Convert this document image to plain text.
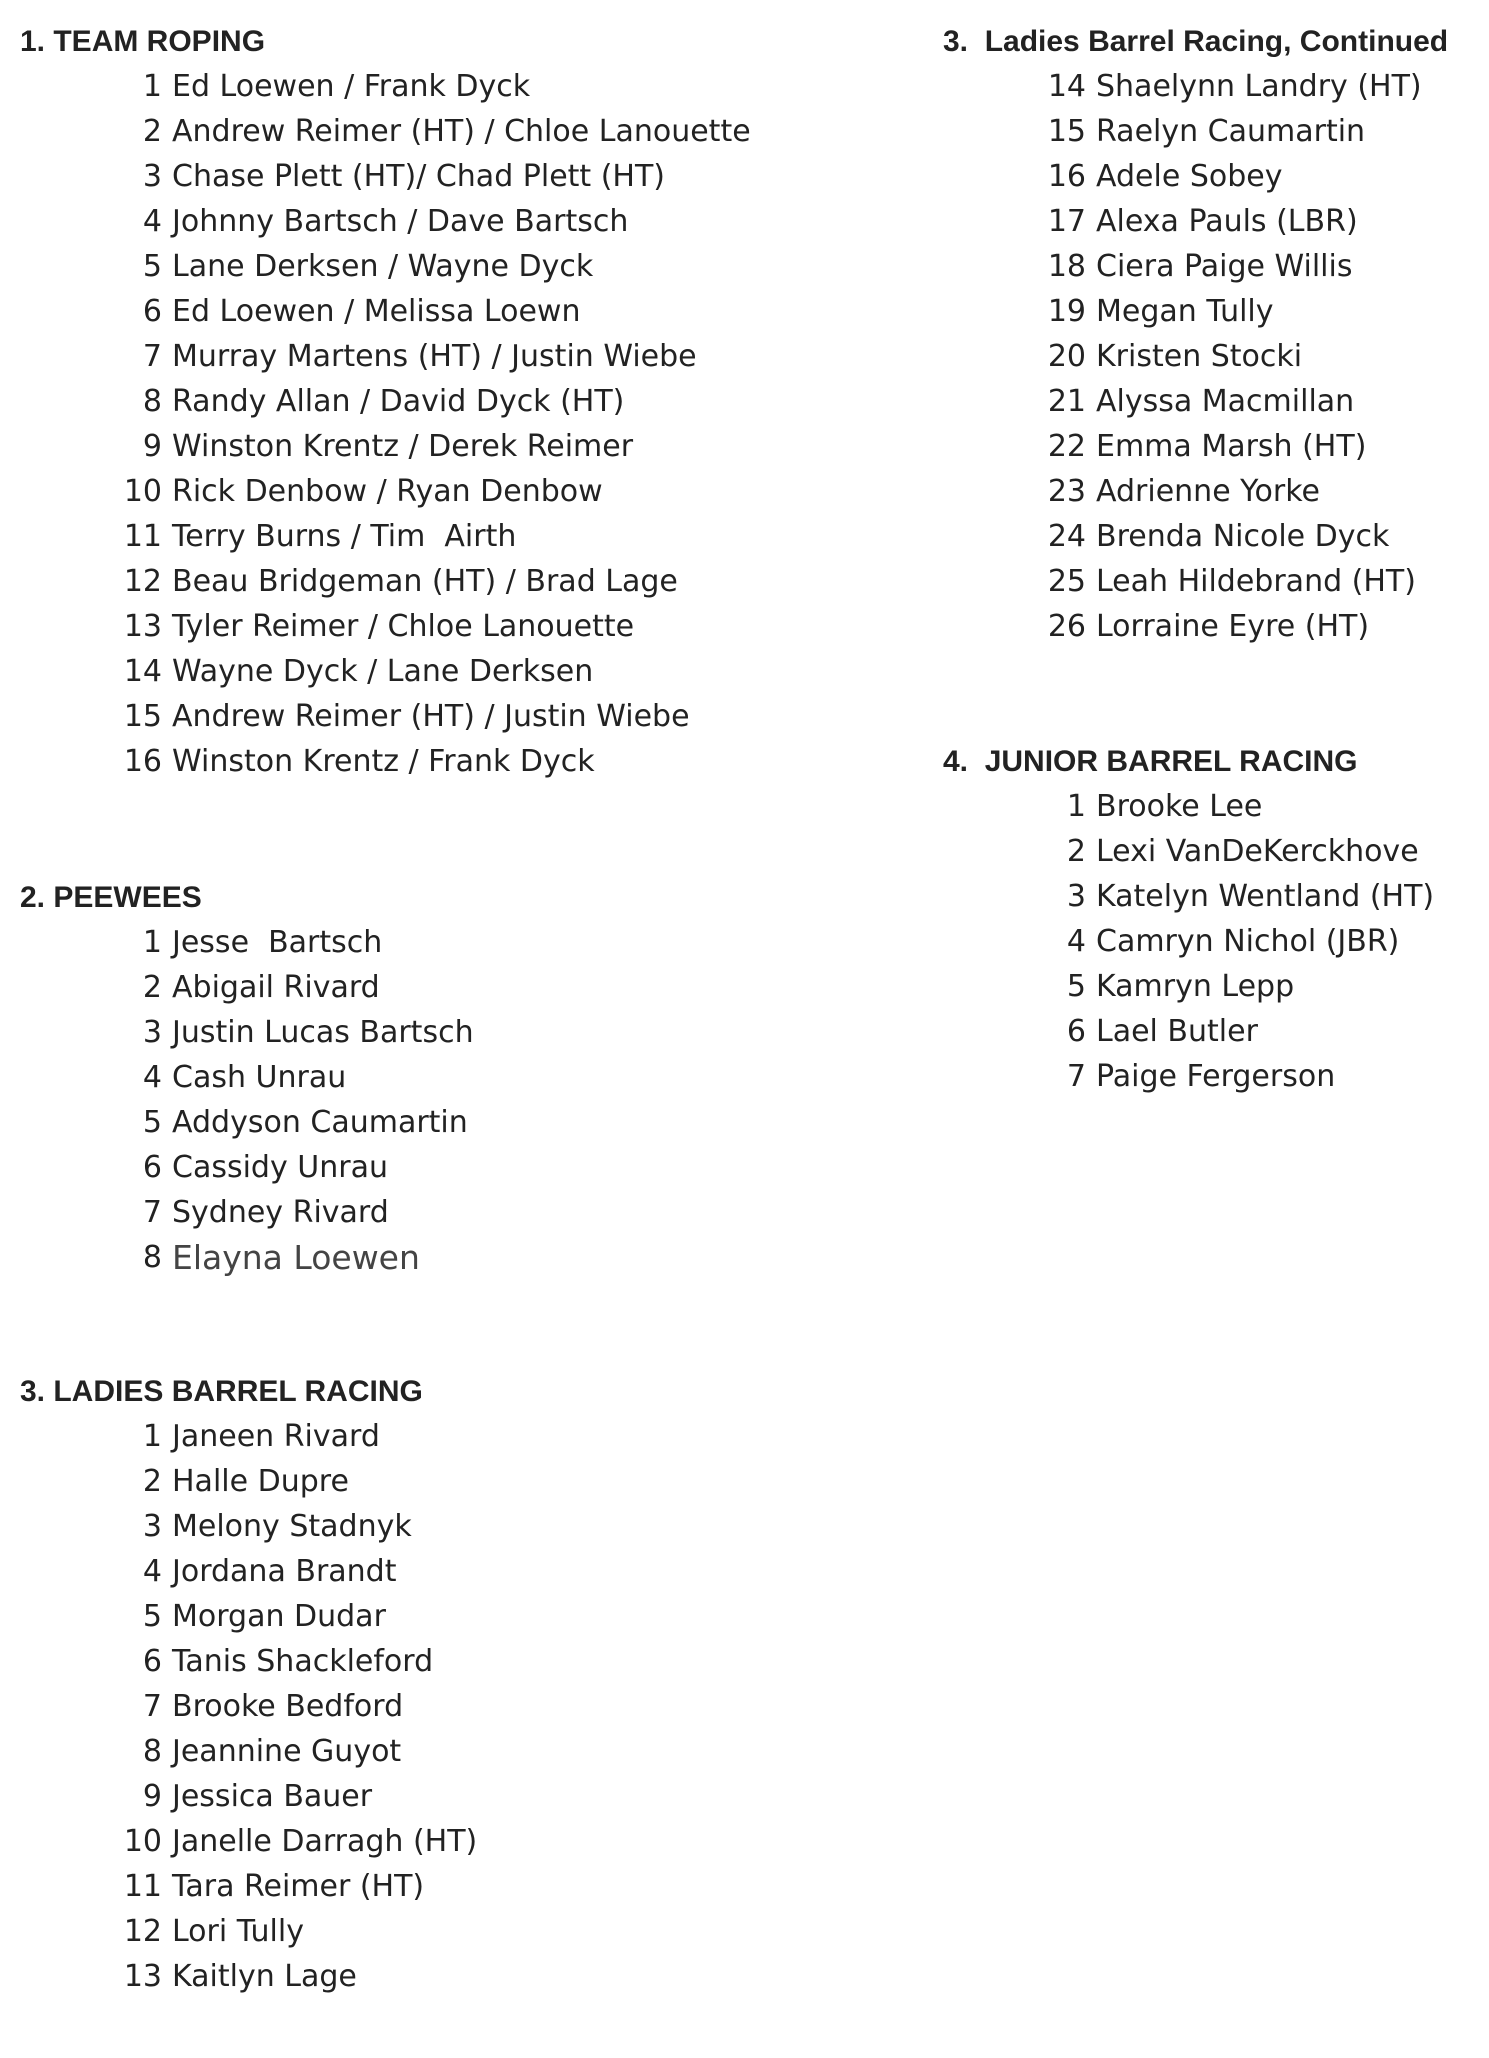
1. TEAM ROPING
1 Ed Loewen / Frank Dyck
2 Andrew Reimer (HT) / Chloe Lanouette
3 Chase Plett (HT)/ Chad Plett (HT)
4 Johnny Bartsch / Dave Bartsch
5 Lane Derksen / Wayne Dyck
6 Ed Loewen / Melissa Loewn
7 Murray Martens (HT) / Justin Wiebe
8 Randy Allan / David Dyck (HT)
9 Winston Krentz / Derek Reimer
10 Rick Denbow / Ryan Denbow
11 Terry Burns / Tim  Airth
12 Beau Bridgeman (HT) / Brad Lage
13 Tyler Reimer / Chloe Lanouette
14 Wayne Dyck / Lane Derksen
15 Andrew Reimer (HT) / Justin Wiebe
16 Winston Krentz / Frank Dyck
2. PEEWEES
1 Jesse  Bartsch
2 Abigail Rivard
3 Justin Lucas Bartsch
4 Cash Unrau
5 Addyson Caumartin
6 Cassidy Unrau
7 Sydney Rivard
8 Elayna Loewen
3. LADIES BARREL RACING
1 Janeen Rivard
2 Halle Dupre
3 Melony Stadnyk
4 Jordana Brandt
5 Morgan Dudar
6 Tanis Shackleford
7 Brooke Bedford
8 Jeannine Guyot
9 Jessica Bauer
10 Janelle Darragh (HT)
11 Tara Reimer (HT)
12 Lori Tully
13 Kaitlyn Lage
3.  Ladies Barrel Racing, Continued
14 Shaelynn Landry (HT)
15 Raelyn Caumartin
16 Adele Sobey
17 Alexa Pauls (LBR)
18 Ciera Paige Willis
19 Megan Tully
20 Kristen Stocki
21 Alyssa Macmillan
22 Emma Marsh (HT)
23 Adrienne Yorke
24 Brenda Nicole Dyck
25 Leah Hildebrand (HT)
26 Lorraine Eyre (HT)
4.  JUNIOR BARREL RACING
1 Brooke Lee
2 Lexi VanDeKerckhove
3 Katelyn Wentland (HT)
4 Camryn Nichol (JBR)
5 Kamryn Lepp
6 Lael Butler
7 Paige Fergerson
